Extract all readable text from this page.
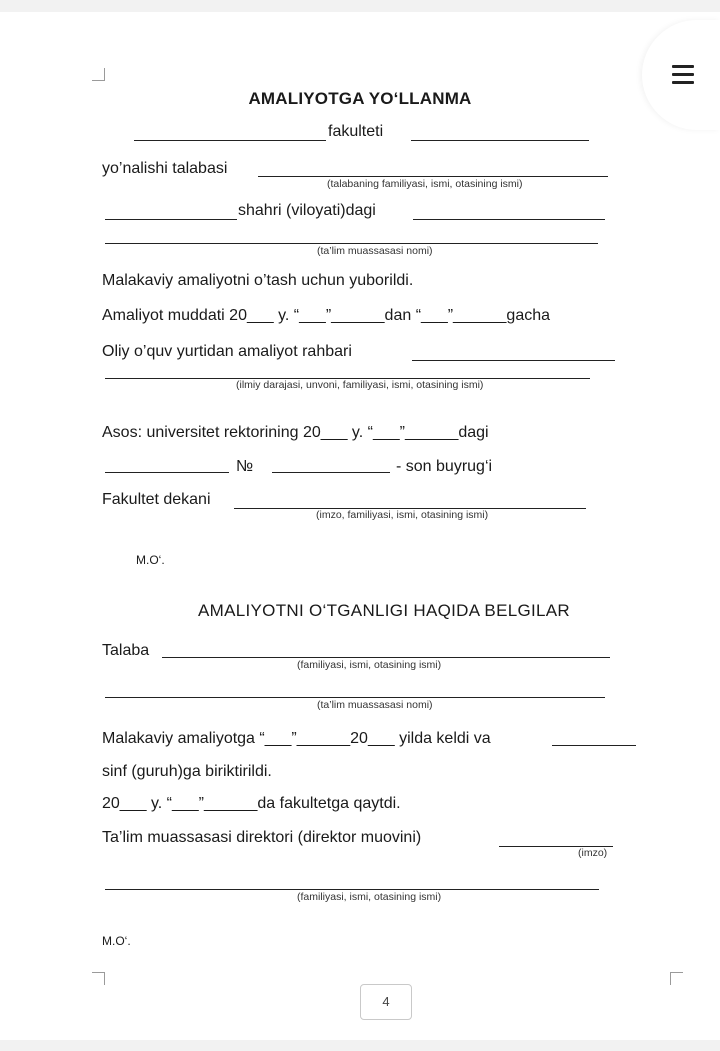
AMALIYOTGA YO‘LLANMA
fakulteti
yo’nalishi talabasi
(talabaning familiyasi, ismi, otasining ismi)
shahri (viloyati)dagi
(ta’lim muassasasi nomi)
Malakaviy amaliyotni o’tash uchun yuborildi.
Amaliyot muddati 20___ y. “___”______dan “___”______gacha
Oliy o’quv yurtidan amaliyot rahbari
(ilmiy darajasi, unvoni, familiyasi, ismi, otasining ismi)
Asos: universitet rektorining 20___ y. “___”______dagi
№	- son buyrug‘i
Fakultet dekani
(imzo, familiyasi, ismi, otasining ismi)
M.O‘.
AMALIYOTNI O‘TGANLIGI HAQIDA BELGILAR
Talaba
(familiyasi, ismi, otasining ismi)
(ta’lim muassasasi nomi)
Malakaviy amaliyotga “___”______20___ yilda keldi va
sinf (guruh)ga biriktirildi.
20___ y. “___”______da fakultetga qaytdi.
Ta’lim muassasasi direktori (direktor muovini)
(imzo)
(familiyasi, ismi, otasining ismi)
M.O‘.
4
